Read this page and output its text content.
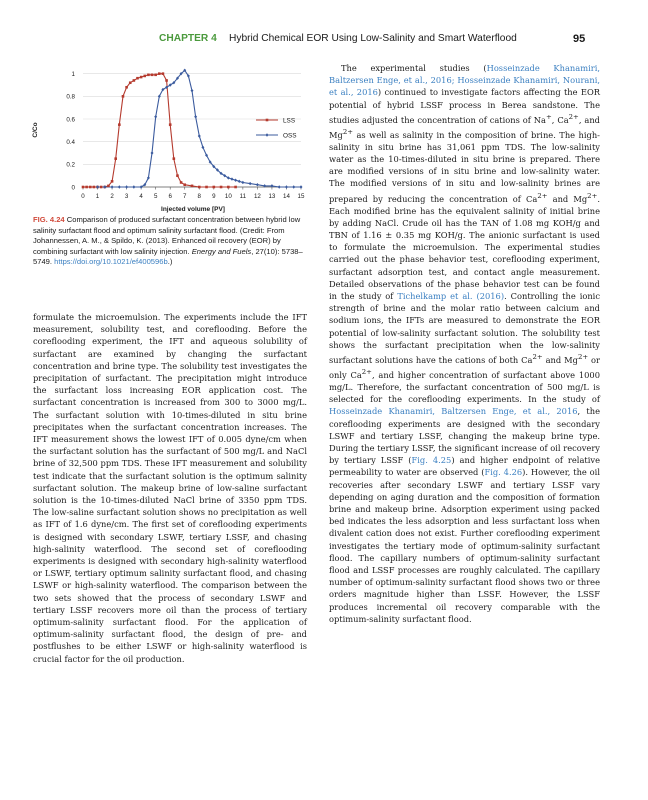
CHAPTER 4 Hybrid Chemical EOR Using Low-Salinity and Smart Waterflood	95
0
0.2
0.4
0.6
0.8
1
0 1 2 3 4 5 6 7 8 9 10 11 12 13 14 15
LSS
OSS
C/Co
Injected volume [PV]
FIG. 4.24 Comparison of produced surfactant concentration between hybrid low salinity surfactant flood and optimum salinity surfactant flood. (Credit: From Johannessen, A. M., & Spildo, K. (2013). Enhanced oil recovery (EOR) by combining surfactant with low salinity injection. Energy and Fuels, 27(10): 5738–5749. https://doi.org/10.1021/ef400596b.)

formulate the microemulsion. The experiments include the IFT measurement, solubility test, and coreflooding. Before the coreflooding experiment, the IFT and aqueous solubility of surfactant are examined by changing the surfactant concentration and brine type. The solubility test investigates the precipitation of surfactant. The precipitation might introduce the surfactant loss increasing EOR application cost. The surfactant concentration is increased from 300 to 3000 mg/L. The surfactant solution with 10-times-diluted in situ brine precipitates when the surfactant concentration increases. The IFT measurement shows the lowest IFT of 0.005 dyne/cm when the surfactant solution has the surfactant of 500 mg/L and NaCl brine of 32,500 ppm TDS. These IFT measurement and solubility test indicate that the surfactant solution is the optimum salinity surfactant solution. The makeup brine of low-saline surfactant solution is the 10-times-diluted NaCl brine of 3350 ppm TDS. The low-saline surfactant solution shows no precipitation as well as IFT of 1.6 dyne/cm. The first set of coreflooding experiments is designed with secondary LSWF, tertiary LSSF, and chasing high-salinity waterflood. The second set of coreflooding experiments is designed with secondary high-salinity waterflood or LSWF, tertiary optimum salinity surfactant flood, and chasing LSWF or high-salinity waterflood. The comparison between the two sets showed that the process of secondary LSWF and tertiary LSSF recovers more oil than the process of tertiary optimum-salinity surfactant flood. For the application of optimum-salinity surfactant flood, the design of pre- and postflushes to be either LSWF or high-salinity waterflood is crucial factor for the oil production.

The experimental studies (Hosseinzade Khanamiri, Baltzersen Enge, et al., 2016; Hosseinzade Khanamiri, Nourani, et al., 2016) continued to investigate factors affecting the EOR potential of hybrid LSSF process in Berea sandstone. The studies adjusted the concentration of cations of Na+, $Ca^{2+}$, and $Mg^{2+}$ as well as salinity in the composition of brine. The high-salinity in situ brine has 31,061 ppm TDS. The low-salinity water as the 10-times-diluted in situ brine is prepared. There are modified versions of in situ brine and low-salinity water. The modified versions of in situ and low-salinity brines are prepared by reducing the concentration of $Ca^{2+}$ and $Mg^{2+}$. Each modified brine has the equivalent salinity of initial brine by adding NaCl. Crude oil has the TAN of 1.08 mg KOH/g and TBN of 1.16 ± 0.35 mg KOH/g. The anionic surfactant is used to formulate the microemulsion. The experimental studies carried out the phase behavior test, coreflooding experiment, surfactant adsorption test, and contact angle measurement. Detailed observations of the phase behavior test can be found in the study of Tichelkamp et al. (2016). Controlling the ionic strength of brine and the molar ratio between calcium and sodium ions, the IFTs are measured to demonstrate the EOR potential of low-salinity surfactant solution. The solubility test shows the surfactant precipitation when the low-salinity surfactant solutions have the cations of both $Ca^{2+}$ and $Mg^{2+}$ or only $Ca^{2+}$, and higher concentration of surfactant above 1000 mg/L. Therefore, the surfactant concentration of 500 mg/L is selected for the coreflooding experiments. In the study of Hosseinzade Khanamiri, Baltzersen Enge, et al., 2016, the coreflooding experiments are designed with the secondary LSWF and tertiary LSSF, changing the makeup brine type. During the tertiary LSSF, the significant increase of oil recovery by tertiary LSSF (Fig. 4.25) and higher endpoint of relative permeability to water are observed (Fig. 4.26). However, the oil recoveries after secondary LSWF and tertiary LSSF vary depending on aging duration and the composition of formation brine and makeup brine. Adsorption experiment using packed bed indicates the less adsorption and less surfactant loss when divalent cation does not exist. Further coreflooding experiment investigates the tertiary mode of optimum-salinity surfactant flood. The capillary numbers of optimum-salinity surfactant flood and LSSF processes are roughly calculated. The capillary number of optimum-salinity surfactant flood shows two or three orders magnitude higher than LSSF. However, the LSSF produces incremental oil recovery comparable with the optimum-salinity surfactant flood.
